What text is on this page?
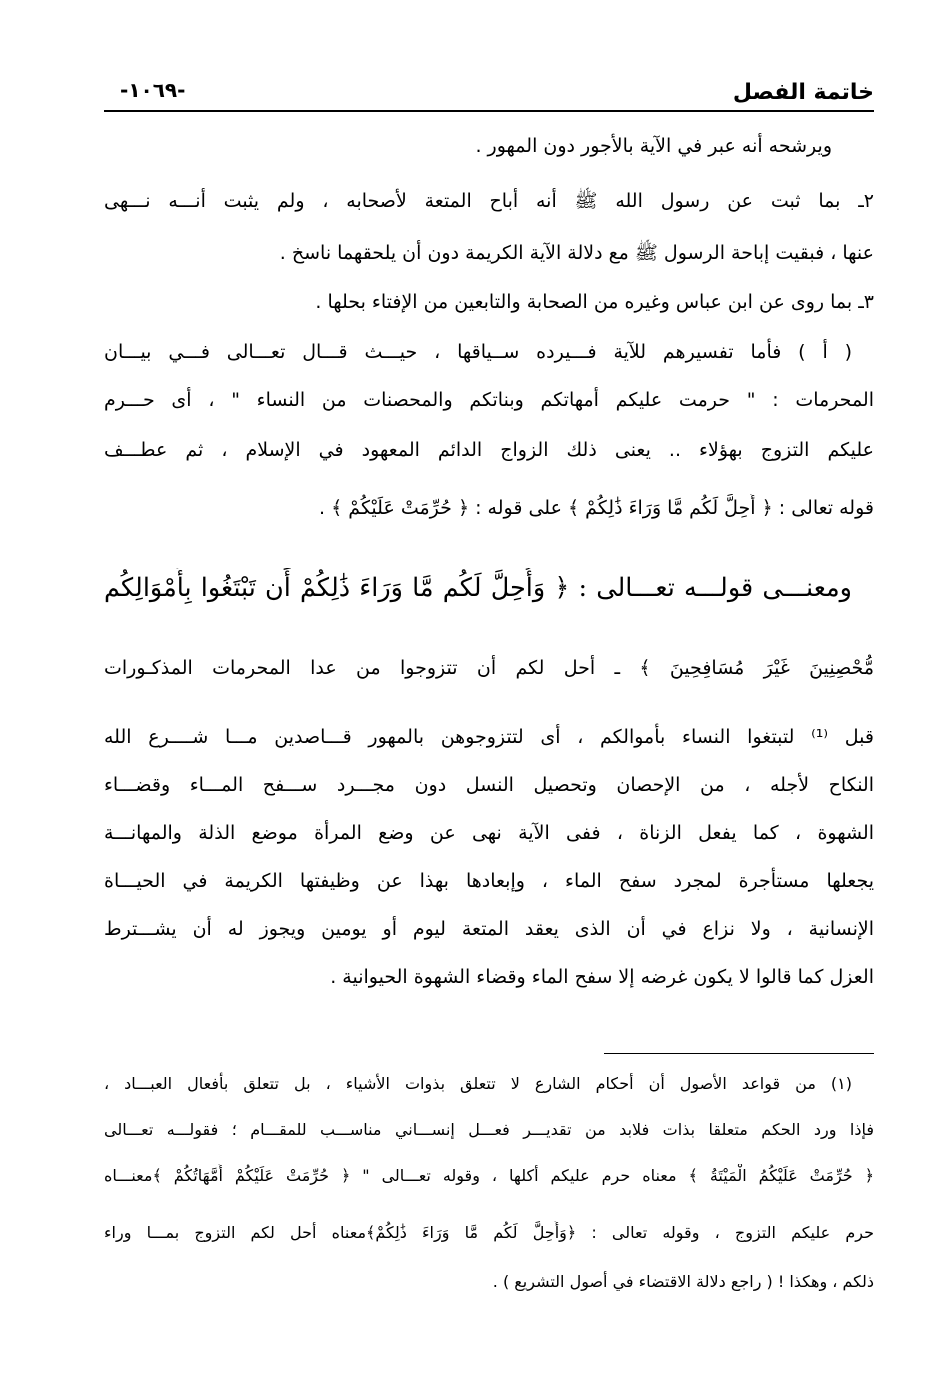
خاتمة الفصل
-١٠٦٩-
ويرشحه أنه عبر في الآية بالأجور دون المهور .
٢ـ بما ثبت عن رسول الله ﷺ أنه أباح المتعة لأصحابه ، ولم يثبت أنـــه نـــهى
عنها ، فبقيت إباحة الرسول ﷺ مع دلالة الآية الكريمة دون أن يلحقهما ناسخ .
٣ـ بما روى عن ابن عباس وغيره من الصحابة والتابعين من الإفتاء بحلها .
( أ ) فأما تفسيرهم للآية فـــيرده ســياقها ، حيـــث قـــال تعـــالى فـــي بيـــان
المحرمات : " حرمت عليكم أمهاتكم وبناتكم والمحصنات من النساء " ، أى حـــرم
عليكم التزوج بهؤلاء .. يعنى ذلك الزواج الدائم المعهود في الإسلام ، ثم عطـــف
قوله تعالى : ﴿ أُحِلَّ لَكُم مَّا وَرَاءَ ذَٰلِكُمْ ﴾ على قوله : ﴿ حُرِّمَتْ عَلَيْكُمْ ﴾ .
ومعنـــى قولـــه تعـــالى : ﴿ وَأُحِلَّ لَكُم مَّا وَرَاءَ ذَٰلِكُمْ أَن تَبْتَغُوا بِأَمْوَالِكُم
مُّحْصِنِينَ غَيْرَ مُسَافِحِينَ ﴾ ـ أحل لكم أن تتزوجوا من عدا المحرمات المذكـورات
قبل ⁽¹⁾ لتبتغوا النساء بأموالكم ، أى لتتزوجوهن بالمهور قـــاصدين مـــا شــــرع الله
النكاح لأجله ، من الإحصان وتحصيل النسل دون مجـــرد ســـفح المـــاء وقضـــاء
الشهوة ، كما يفعل الزناة ، ففى الآية نهى عن وضع المرأة موضع الذلة والمهانـــة
يجعلها مستأجرة لمجرد سفح الماء ، وإبعادها بهذا عن وظيفتها الكريمة في الحيـــاة
الإنسانية ، ولا نزاع في أن الذى يعقد المتعة ليوم أو يومين ويجوز له أن يشـــترط
العزل كما قالوا لا يكون غرضه إلا سفح الماء وقضاء الشهوة الحيوانية .
(١) من قواعد الأصول أن أحكام الشارع لا تتعلق بذوات الأشياء ، بل تتعلق بأفعال العبـــاد ،
فإذا ورد الحكم متعلقا بذات فلابد من تقديـــر فعـــل إنســـاني مناســـب للمقـــام ؛ فقولـــه تعـــالى
﴿ حُرِّمَتْ عَلَيْكُمُ الْمَيْتَةُ ﴾ معناه حرم عليكم أكلها ، وقوله تعـــالى " ﴿ حُرِّمَتْ عَلَيْكُمْ أُمَّهَاتُكُمْ ﴾معنـــاه
حرم عليكم التزوج ، وقوله تعالى : ﴿وَأُحِلَّ لَكُم مَّا وَرَاءَ ذَٰلِكُمْ﴾معناه أحل لكم التزوج بمـــا وراء
ذلكم ، وهكذا ! ( راجع دلالة الاقتضاء في أصول التشريع ) .
